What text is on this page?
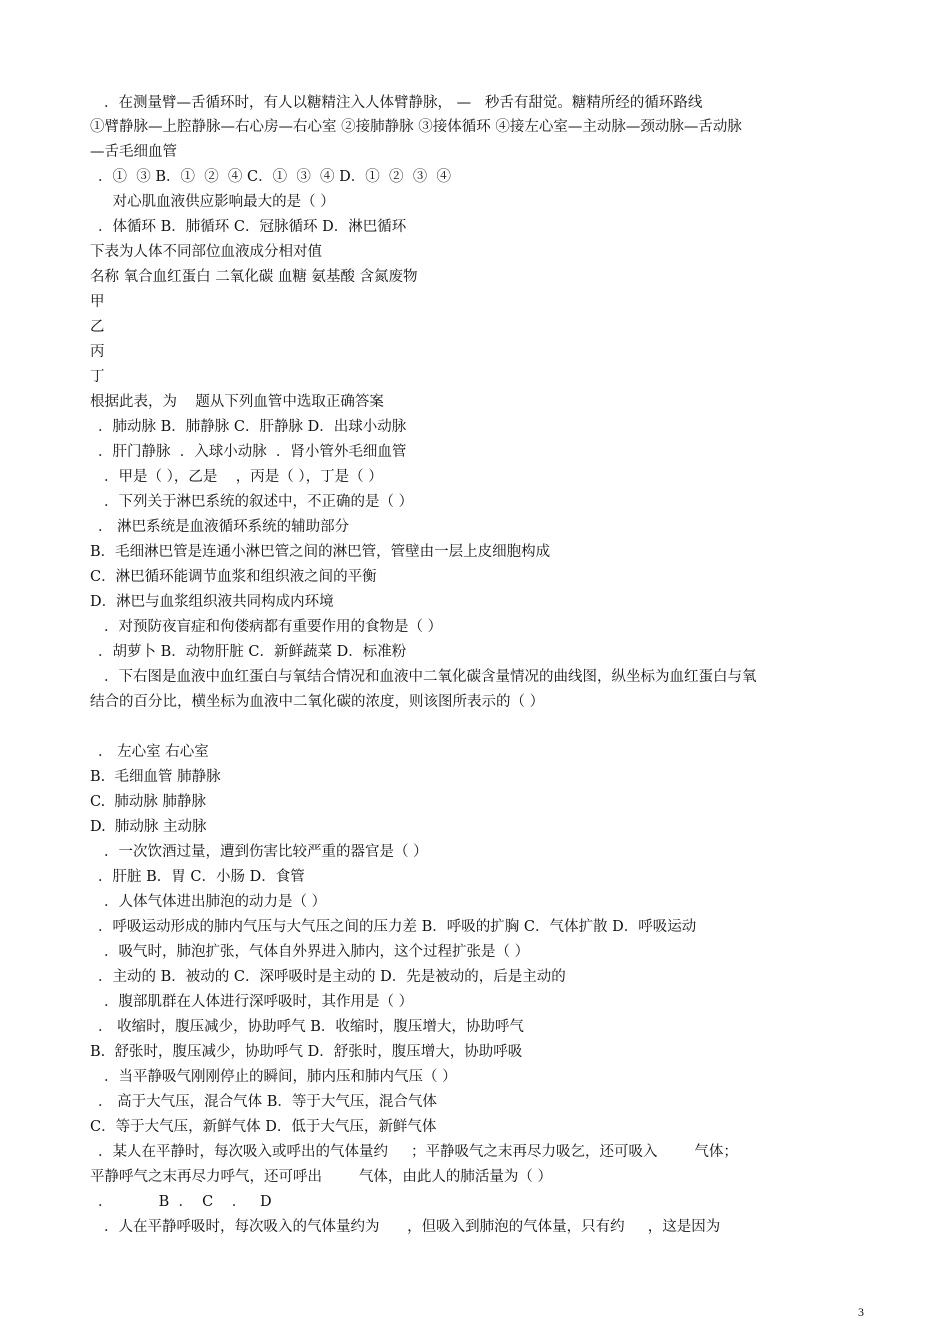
．在测量臂—舌循环时，有人以糖精注入人体臂静脉， —   秒舌有甜觉。糖精所经的循环路线
①臂静脉—上腔静脉—右心房—右心室 ②接肺静脉 ③接体循环 ④接左心室—主动脉—颈动脉—舌动脉
—舌毛细血管
．①  ③ B．①  ②  ④ C．①  ③  ④ D．①  ②  ③  ④
对心肌血液供应影响最大的是（ ）
．体循环 B．肺循环 C．冠脉循环 D．淋巴循环
下表为人体不同部位血液成分相对值
名称 氧合血红蛋白 二氧化碳 血糖 氨基酸 含氮废物
甲
乙
丙
丁
根据此表，为    题从下列血管中选取正确答案
．肺动脉 B．肺静脉 C．肝静脉 D．出球小动脉
．肝门静脉  ．入球小动脉  ．肾小管外毛细血管
．甲是（ ），乙是    ，丙是（ ），丁是（ ）
．下列关于淋巴系统的叙述中，不正确的是（ ）
． 淋巴系统是血液循环系统的辅助部分
B．毛细淋巴管是连通小淋巴管之间的淋巴管，管壁由一层上皮细胞构成
C．淋巴循环能调节血浆和组织液之间的平衡
D．淋巴与血浆组织液共同构成内环境
．对预防夜盲症和佝偻病都有重要作用的食物是（ ）
．胡萝卜 B．动物肝脏 C．新鲜蔬菜 D．标准粉
．下右图是血液中血红蛋白与氧结合情况和血液中二氧化碳含量情况的曲线图，纵坐标为血红蛋白与氧
结合的百分比，横坐标为血液中二氧化碳的浓度，则该图所表示的（ ）
． 左心室 右心室
B.  毛细血管 肺静脉
C.  肺动脉 肺静脉
D.  肺动脉 主动脉
．一次饮酒过量，遭到伤害比较严重的器官是（ ）
．肝脏 B．胃 C．小肠 D．食管
．人体气体进出肺泡的动力是（ ）
．呼吸运动形成的肺内气压与大气压之间的压力差 B．呼吸的扩胸 C．气体扩散 D．呼吸运动
．吸气时，肺泡扩张，气体自外界进入肺内，这个过程扩张是（ ）
．主动的 B．被动的 C．深呼吸时是主动的 D．先是被动的，后是主动的
．腹部肌群在人体进行深呼吸时，其作用是（ ）
． 收缩时，腹压减少，协助呼气 B．收缩时，腹压增大，协助呼气
B.  舒张时，腹压减少，协助呼气 D．舒张时，腹压增大，协助呼吸
．当平静吸气刚刚停止的瞬间，肺内压和肺内气压（ ）
． 高于大气压，混合气体 B．等于大气压，混合气体
C．等于大气压，新鲜气体 D．低于大气压，新鲜气体
．某人在平静时，每次吸入或呼出的气体量约     ；平静吸气之末再尽力吸乞，还可吸入        气体；
平静呼气之末再尽力呼气，还可呼出        气体，由此人的肺活量为（ ）
．          B  ．  C    ．   D
．人在平静呼吸时，每次吸入的气体量约为      ，但吸入到肺泡的气体量，只有约     ，这是因为
3
